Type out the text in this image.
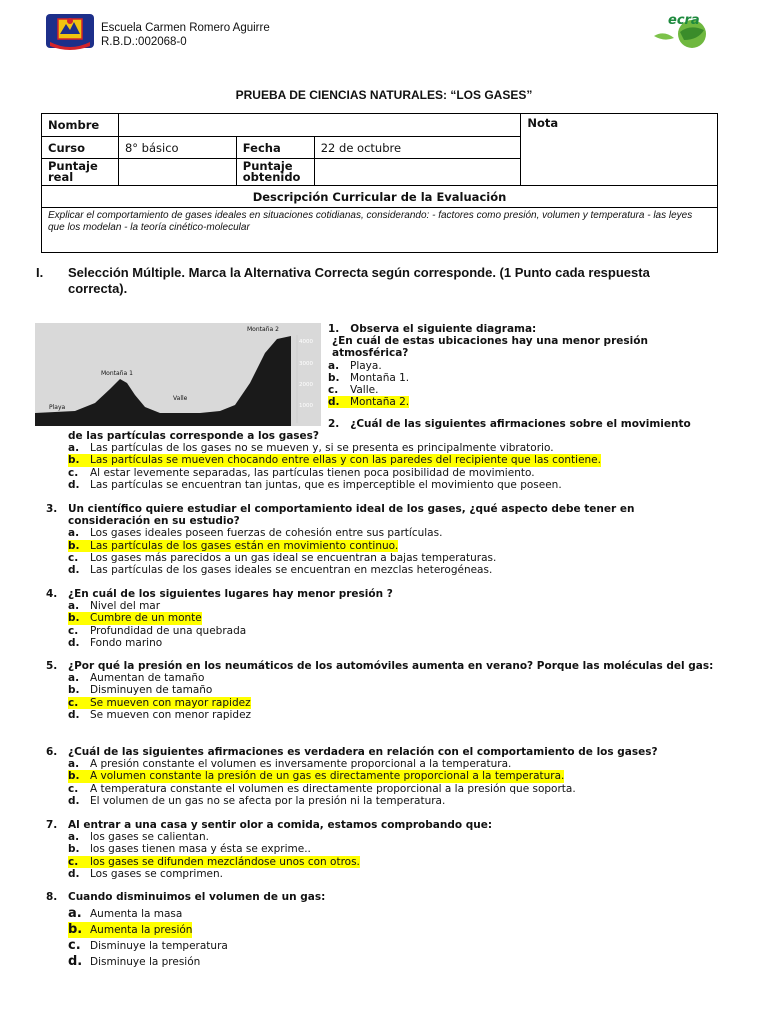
Escuela Carmen Romero Aguirre
R.B.D.:002068-0
ecra
PRUEBA DE CIENCIAS NATURALES: “LOS GASES”
Nombre				Nota
Curso	8° básico	Fecha	22 de octubre	
Puntaje real		Puntaje obtenido		
Descripción Curricular de la Evaluación				
Explicar el comportamiento de gases ideales en situaciones cotidianas, considerando: - factores como presión, volumen y temperatura - las leyes que los modelan - la teoría cinético-molecular				
I. Selección Múltiple. Marca la Alternativa Correcta según corresponde. (1 Punto cada respuesta correcta).
Playa
Montaña 1
Valle
Montaña 2
4000
3000
2000
1000
1. Observa el siguiente diagrama:
¿En cuál de estas ubicaciones hay una menor presión atmosférica?
a.	Playa.
b. Montaña 1.
c.	Valle.
d. Montaña 2.
2. ¿Cuál de las siguientes afirmaciones sobre el movimiento
de las partículas corresponde a los gases?
a.	Las partículas de los gases no se mueven y, si se presenta es principalmente vibratorio.
b. Las partículas se mueven chocando entre ellas y con las paredes del recipiente que las contiene.
c.	Al estar levemente separadas, las partículas tienen poca posibilidad de movimiento.
d. Las partículas se encuentran tan juntas, que es imperceptible el movimiento que poseen.
3. Un científico quiere estudiar el comportamiento ideal de los gases, ¿qué aspecto debe tener en consideración en su estudio?
a.	Los gases ideales poseen fuerzas de cohesión entre sus partículas.
b. Las partículas de los gases están en movimiento continuo.
c.	Los gases más parecidos a un gas ideal se encuentran a bajas temperaturas.
d. Las partículas de los gases ideales se encuentran en mezclas heterogéneas.
4. ¿En cuál de los siguientes lugares hay menor presión ?
a.	Nivel del mar
b. Cumbre de un monte
c.	Profundidad de una quebrada
d. Fondo marino
5. ¿Por qué la presión en los neumáticos de los automóviles aumenta en verano? Porque las moléculas del gas:
a.	Aumentan de tamaño
b. Disminuyen de tamaño
c.	Se mueven con mayor rapidez
d. Se mueven con menor rapidez
6. ¿Cuál de las siguientes afirmaciones es verdadera en relación con el comportamiento de los gases?
a.	A presión constante el volumen es inversamente proporcional a la temperatura.
b. A volumen constante la presión de un gas es directamente proporcional a la temperatura.
c.	A temperatura constante el volumen es directamente proporcional a la presión que soporta.
d. El volumen de un gas no se afecta por la presión ni la temperatura.
7. Al entrar a una casa y sentir olor a comida, estamos comprobando que:
a.	los gases se calientan.
b. los gases tienen masa y ésta se exprime..
c.	los gases se difunden mezclándose unos con otros.
d. Los gases se comprimen.
8. Cuando disminuimos el volumen de un gas:
a. Aumenta la masa
b. Aumenta la presión
c. Disminuye la temperatura
d. Disminuye la presión
